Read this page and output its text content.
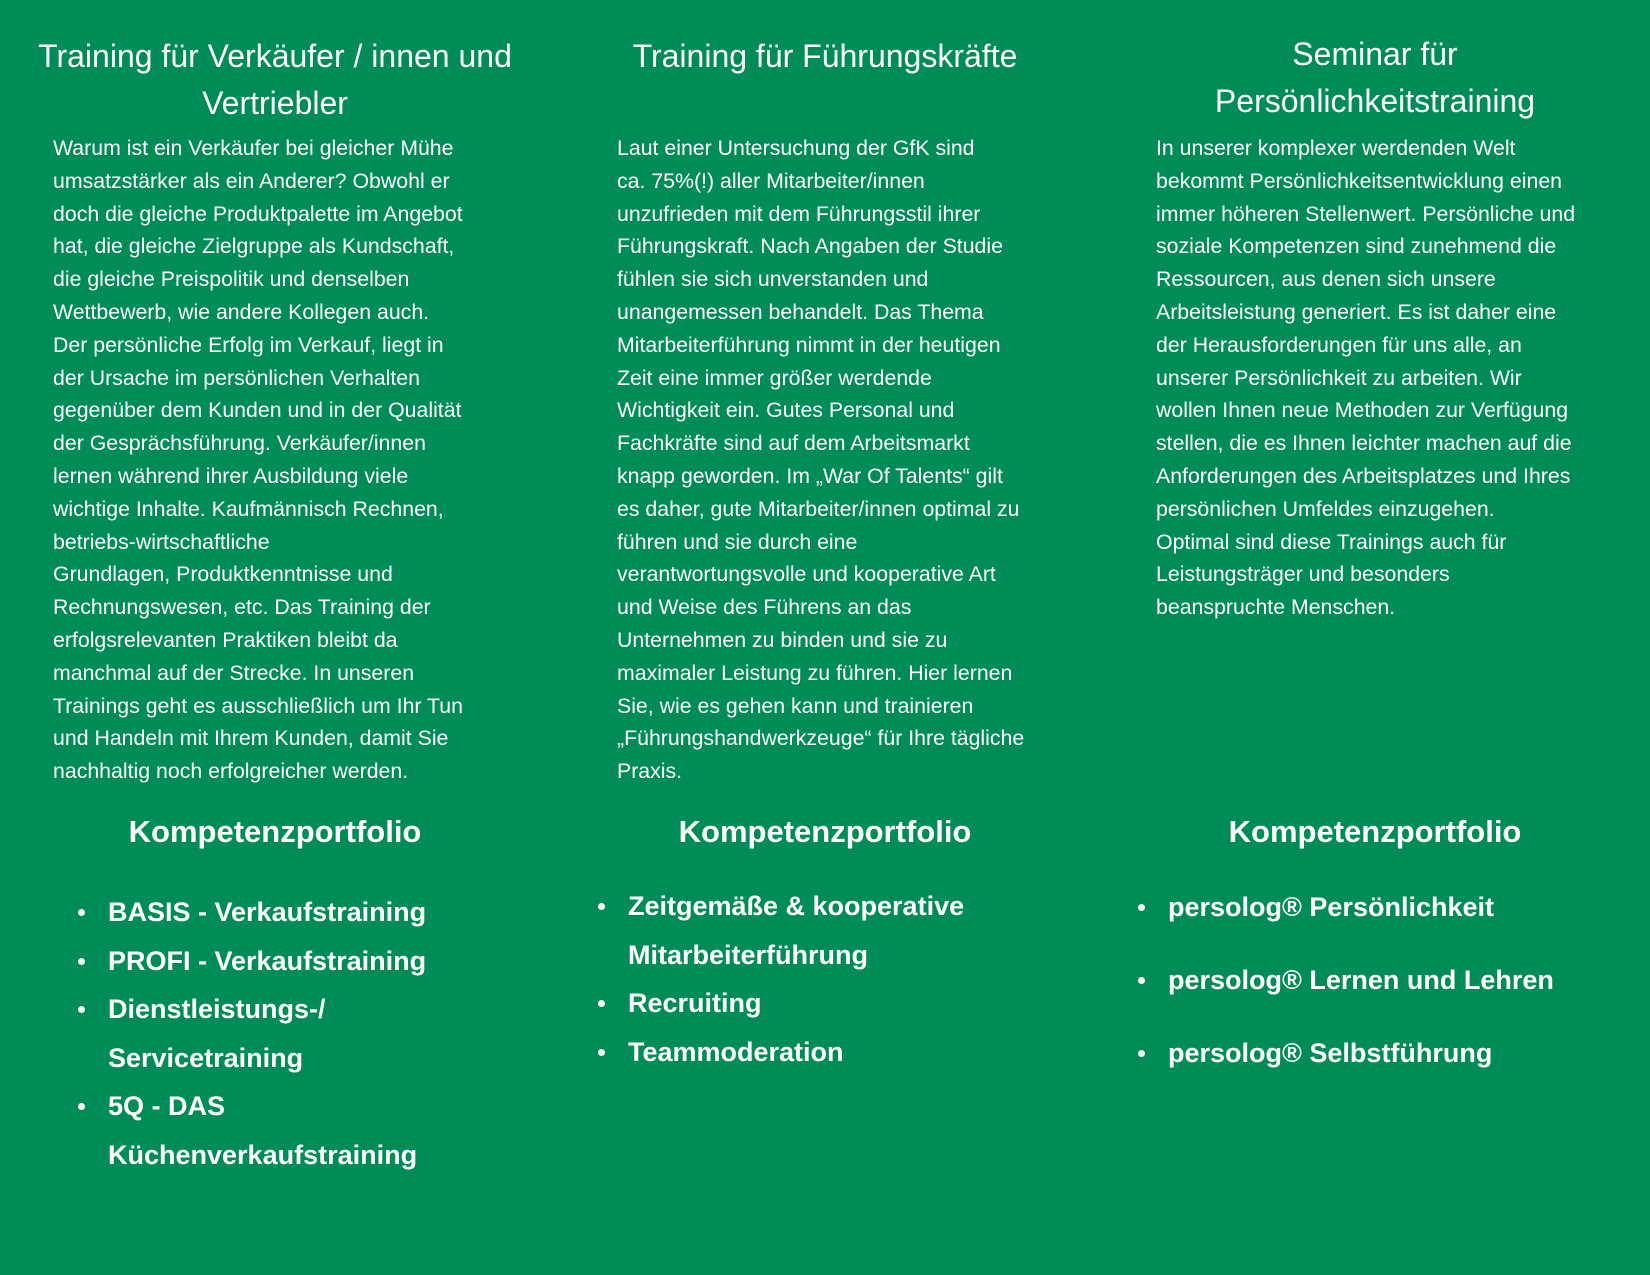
Training für Verkäufer / innen und Vertriebler

Warum ist ein Verkäufer bei gleicher Mühe
umsatzstärker als ein Anderer? Obwohl er
doch die gleiche Produktpalette im Angebot
hat, die gleiche Zielgruppe als Kundschaft,
die gleiche Preispolitik und denselben
Wettbewerb, wie andere Kollegen auch.
Der persönliche Erfolg im Verkauf, liegt in
der Ursache im persönlichen Verhalten
gegenüber dem Kunden und in der Qualität
der Gesprächsführung. Verkäufer/innen
lernen während ihrer Ausbildung viele
wichtige Inhalte. Kaufmännisch Rechnen,
betriebs-wirtschaftliche
Grundlagen, Produktkenntnisse und
Rechnungswesen, etc. Das Training der
erfolgsrelevanten Praktiken bleibt da
manchmal auf der Strecke. In unseren
Trainings geht es ausschließlich um Ihr Tun
und Handeln mit Ihrem Kunden, damit Sie
nachhaltig noch erfolgreicher werden.

Kompetenzportfolio
BASIS - Verkaufstraining
PROFI - Verkaufstraining
Dienstleistungs-/
Servicetraining
5Q - DAS
Küchenverkaufstraining
Training für Führungskräfte

Laut einer Untersuchung der GfK sind
ca. 75%(!) aller Mitarbeiter/innen
unzufrieden mit dem Führungsstil ihrer
Führungskraft. Nach Angaben der Studie
fühlen sie sich unverstanden und
unangemessen behandelt. Das Thema
Mitarbeiterführung nimmt in der heutigen
Zeit eine immer größer werdende
Wichtigkeit ein. Gutes Personal und
Fachkräfte sind auf dem Arbeitsmarkt
knapp geworden. Im „War Of Talents“ gilt
es daher, gute Mitarbeiter/innen optimal zu
führen und sie durch eine
verantwortungsvolle und kooperative Art
und Weise des Führens an das
Unternehmen zu binden und sie zu
maximaler Leistung zu führen. Hier lernen
Sie, wie es gehen kann und trainieren
„Führungshandwerkzeuge“ für Ihre tägliche
Praxis.

Kompetenzportfolio
Zeitgemäße & kooperative
Mitarbeiterführung
Recruiting
Teammoderation
Seminar für Persönlichkeitstraining

In unserer komplexer werdenden Welt
bekommt Persönlichkeitsentwicklung einen
immer höheren Stellenwert. Persönliche und
soziale Kompetenzen sind zunehmend die
Ressourcen, aus denen sich unsere
Arbeitsleistung generiert. Es ist daher eine
der Herausforderungen für uns alle, an
unserer Persönlichkeit zu arbeiten. Wir
wollen Ihnen neue Methoden zur Verfügung
stellen, die es Ihnen leichter machen auf die
Anforderungen des Arbeitsplatzes und Ihres
persönlichen Umfeldes einzugehen.
Optimal sind diese Trainings auch für
Leistungsträger und besonders
beanspruchte Menschen.

Kompetenzportfolio
persolog® Persönlichkeit
persolog® Lernen und Lehren
persolog® Selbstführung
